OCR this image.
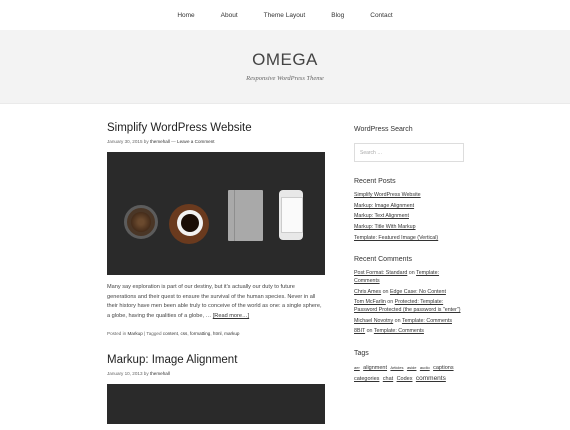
Home	About	Theme Layout	Blog	Contact
OMEGA
Responsive WordPress Theme
Simplify WordPress Website
January 30, 2015 by themehall — Leave a Comment

Many say exploration is part of our destiny, but it's actually our duty to future generations and their quest to ensure the survival of the human species. Never in all their history have men been able truly to conceive of the world as one: a single sphere, a globe, having the qualities of a globe, … [Read more…]

Posted in Markup | Tagged content, css, formatting, html, markup
Markup: Image Alignment
January 10, 2013 by themehall
WordPress Search
Search …
Recent Posts
Simplify WordPress Website
Markup: Image Alignment
Markup: Text Alignment
Markup: Title With Markup
Template: Featured Image (Vertical)
Recent Comments
Post Format: Standard on Template: Comments
Chris Ames on Edge Case: No Content
Tom McFarlin on Protected: Template: Password Protected (the password is "enter")
Michael Novotny on Template: Comments
8BIT on Template: Comments
Tags
aer alignment Articles aside audio captions categories chat Codex comments
